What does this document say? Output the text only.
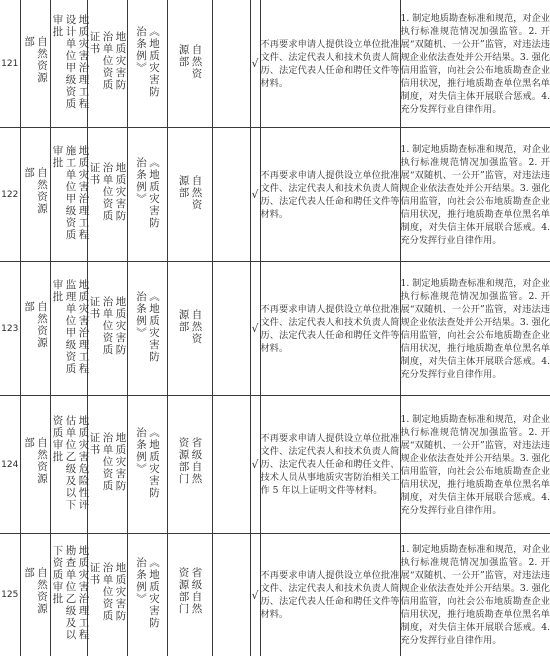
121	自然资源部	地质灾害治理工程设计单位甲级资质审批	地质灾害防治单位资质证书	《地质灾害防治条例》	自然资源部		√	不再要求申请人提供设立单位批准文件、法定代表人和技术负责人简历、法定代表人任命和聘任文件等材料。	1. 制定地质勘查标准和规范，对企业执行标准规范情况加强监管。2. 开展“双随机、一公开”监管，对违法违规企业依法查处并公开结果。3. 强化信用监管，向社会公布地质勘查企业信用状况，推行地质勘查单位黑名单制度，对失信主体开展联合惩戒。4. 充分发挥行业自律作用。
122	自然资源部	地质灾害治理工程施工单位甲级资质审批	地质灾害防治单位资质证书	《地质灾害防治条例》	自然资源部		√	不再要求申请人提供设立单位批准文件、法定代表人和技术负责人简历、法定代表人任命和聘任文件等材料。	1. 制定地质勘查标准和规范，对企业执行标准规范情况加强监管。2. 开展“双随机、一公开”监管，对违法违规企业依法查处并公开结果。3. 强化信用监管，向社会公布地质勘查企业信用状况，推行地质勘查单位黑名单制度，对失信主体开展联合惩戒。4. 充分发挥行业自律作用。
123	自然资源部	地质灾害治理工程监理单位甲级资质审批	地质灾害防治单位资质证书	《地质灾害防治条例》	自然资源部		√	不再要求申请人提供设立单位批准文件、法定代表人和技术负责人简历、法定代表人任命和聘任文件等材料。	1. 制定地质勘查标准和规范，对企业执行标准规范情况加强监管。2. 开展“双随机、一公开”监管，对违法违规企业依法查处并公开结果。3. 强化信用监管，向社会公布地质勘查企业信用状况，推行地质勘查单位黑名单制度，对失信主体开展联合惩戒。4. 充分发挥行业自律作用。
124	自然资源部	地质灾害危险性评估单位乙级及以下资质审批	地质灾害防治单位资质证书	《地质灾害防治条例》	省级自然资源部门		√	不再要求申请人提供设立单位批准文件、法定代表人和技术负责人简历、法定代表人任命和聘任文件、技术人员从事地质灾害防治相关工作 5 年以上证明文件等材料。	1. 制定地质勘查标准和规范，对企业执行标准规范情况加强监管。2. 开展“双随机、一公开”监管，对违法违规企业依法查处并公开结果。3. 强化信用监管，向社会公布地质勘查企业信用状况，推行地质勘查单位黑名单制度，对失信主体开展联合惩戒。4. 充分发挥行业自律作用。
125	自然资源部	地质灾害治理工程勘查单位乙级及以下资质审批	地质灾害防治单位资质证书	《地质灾害防治条例》	省级自然资源部门		√	不再要求申请人提供设立单位批准文件、法定代表人和技术负责人简历、法定代表人任命和聘任文件等材料。	1. 制定地质勘查标准和规范，对企业执行标准规范情况加强监管。2. 开展“双随机、一公开”监管，对违法违规企业依法查处并公开结果。3. 强化信用监管，向社会公布地质勘查企业信用状况，推行地质勘查单位黑名单制度，对失信主体开展联合惩戒。4. 充分发挥行业自律作用。
